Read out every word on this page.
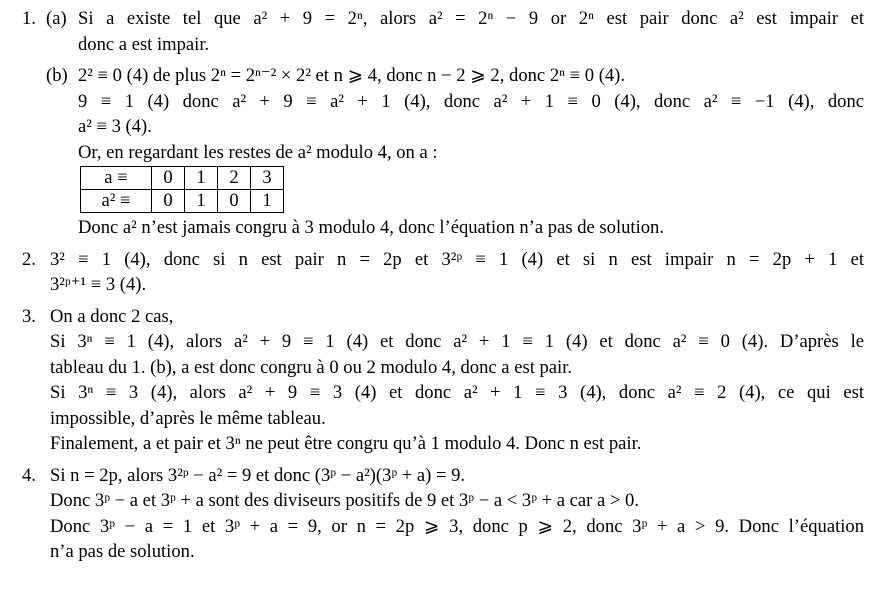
1. (a) Si a existe tel que a² + 9 = 2ⁿ, alors a² = 2ⁿ − 9 or 2ⁿ est pair donc a² est impair et
donc a est impair.
(b) 2² ≡ 0 (4) de plus 2ⁿ = 2ⁿ⁻² × 2² et n ⩾ 4, donc n − 2 ⩾ 2, donc 2ⁿ ≡ 0 (4).
9 ≡ 1 (4) donc a² + 9 ≡ a² + 1 (4), donc a² + 1 ≡ 0 (4), donc a² ≡ −1 (4), donc
a² ≡ 3 (4).
Or, en regardant les restes de a² modulo 4, on a :
a ≡	0	1	2	3
a² ≡	0	1	0	1
Donc a² n’est jamais congru à 3 modulo 4, donc l’équation n’a pas de solution.
2. 3² ≡ 1 (4), donc si n est pair n = 2p et 3²ᵖ ≡ 1 (4) et si n est impair n = 2p + 1 et
3²ᵖ⁺¹ ≡ 3 (4).
3. On a donc 2 cas,
Si 3ⁿ ≡ 1 (4), alors a² + 9 ≡ 1 (4) et donc a² + 1 ≡ 1 (4) et donc a² ≡ 0 (4). D’après le
tableau du 1. (b), a est donc congru à 0 ou 2 modulo 4, donc a est pair.
Si 3ⁿ ≡ 3 (4), alors a² + 9 ≡ 3 (4) et donc a² + 1 ≡ 3 (4), donc a² ≡ 2 (4), ce qui est
impossible, d’après le même tableau.
Finalement, a et pair et 3ⁿ ne peut être congru qu’à 1 modulo 4. Donc n est pair.
4. Si n = 2p, alors 3²ᵖ − a² = 9 et donc (3ᵖ − a²)(3ᵖ + a) = 9.
Donc 3ᵖ − a et 3ᵖ + a sont des diviseurs positifs de 9 et 3ᵖ − a < 3ᵖ + a car a > 0.
Donc 3ᵖ − a = 1 et 3ᵖ + a = 9, or n = 2p ⩾ 3, donc p ⩾ 2, donc 3ᵖ + a > 9. Donc l’équation
n’a pas de solution.
